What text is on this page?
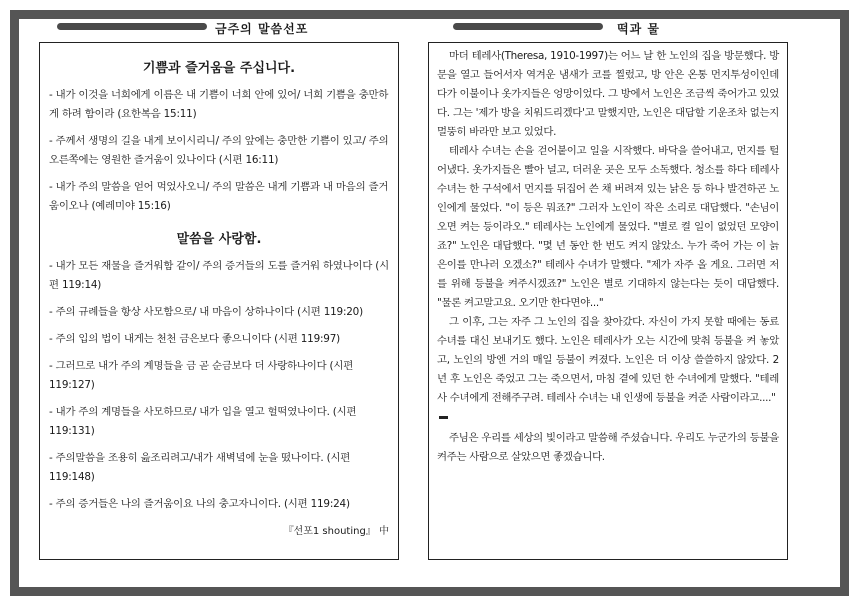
금주의 말씀선포
기쁨과 즐거움을 주십니다.

- 내가 이것을 너희에게 이름은 내 기쁨이 너희 안에 있어/ 너희 기쁨을 충만하게 하려 함이라 (요한복음 15:11)

- 주께서 생명의 길을 내게 보이시리니/ 주의 앞에는 충만한 기쁨이 있고/ 주의 오른쪽에는 영원한 즐거움이 있나이다 (시편 16:11)

- 내가 주의 말씀을 얻어 먹었사오니/ 주의 말씀은 내게 기쁨과 내 마음의 즐거움이오나 (예레미야 15:16)

말씀을 사랑함.

- 내가 모든 재물을 즐거워함 같이/ 주의 증거들의 도를 즐거워 하였나이다 (시편 119:14)

- 주의 규례들을 항상 사모함으로/ 내 마음이 상하나이다 (시편 119:20)

- 주의 입의 법이 내게는 천천 금은보다 좋으니이다 (시편 119:97)

- 그러므로 내가 주의 계명들을 금 곧 순금보다 더 사랑하나이다 (시편 119:127)

- 내가 주의 계명들을 사모하므로/ 내가 입을 열고 헐떡였나이다. (시편 119:131)

- 주의말씀을 조용히 읊조리려고/내가 새벽녘에 눈을 떴나이다. (시편 119:148)

- 주의 증거들은 나의 즐거움이요 나의 충고자니이다. (시편 119:24)

『선포1 shouting』 中
떡과 물

마더 테레사(Theresa, 1910-1997)는 어느 날 한 노인의 집을 방문했다. 방문을 열고 들어서자 역겨운 냄새가 코를 찔렀고, 방 안은 온통 먼지투성이인데다가 이불이나 옷가지들은 엉망이었다. 그 방에서 노인은 조금씩 죽어가고 있었다. 그는 '제가 방을 치워드리겠다'고 말했지만, 노인은 대답할 기운조차 없는지 멀뚱히 바라만 보고 있었다.

테레사 수녀는 손을 걷어붙이고 일을 시작했다. 바닥을 쓸어내고, 먼지를 털어냈다. 옷가지들은 빨아 널고, 더러운 곳은 모두 소독했다. 청소를 하다 테레사 수녀는 한 구석에서 먼지를 뒤집어 쓴 채 버려져 있는 낡은 등 하나 발견하곤 노인에게 물었다. "이 등은 뭐죠?" 그러자 노인이 작은 소리로 대답했다. "손님이 오면 켜는 등이라오." 테레사는 노인에게 물었다. "별로 켤 일이 없었던 모양이죠?" 노인은 대답했다. "몇 년 동안 한 번도 켜지 않았소. 누가 죽어 가는 이 늙은이를 만나러 오겠소?" 테레사 수녀가 말했다. "제가 자주 올 게요. 그러면 저를 위해 등불을 켜주시겠죠?" 노인은 별로 기대하지 않는다는 듯이 대답했다. "물론 켜고말고요. 오기만 한다면야..."

그 이후, 그는 자주 그 노인의 집을 찾아갔다. 자신이 가지 못할 때에는 동료 수녀를 대신 보내기도 했다. 노인은 테레사가 오는 시간에 맞춰 등불을 켜 놓았고, 노인의 방엔 거의 매일 등불이 켜졌다. 노인은 더 이상 쓸쓸하지 않았다. 2년 후 노인은 죽었고 그는 죽으면서, 마침 곁에 있던 한 수녀에게 말했다. "테레사 수녀에게 전해주구려. 테레사 수녀는 내 인생에 등불을 켜준 사람이라고...."

주님은 우리를 세상의 빛이라고 말씀해 주셨습니다. 우리도 누군가의 등불을 켜주는 사람으로 살았으면 좋겠습니다.
